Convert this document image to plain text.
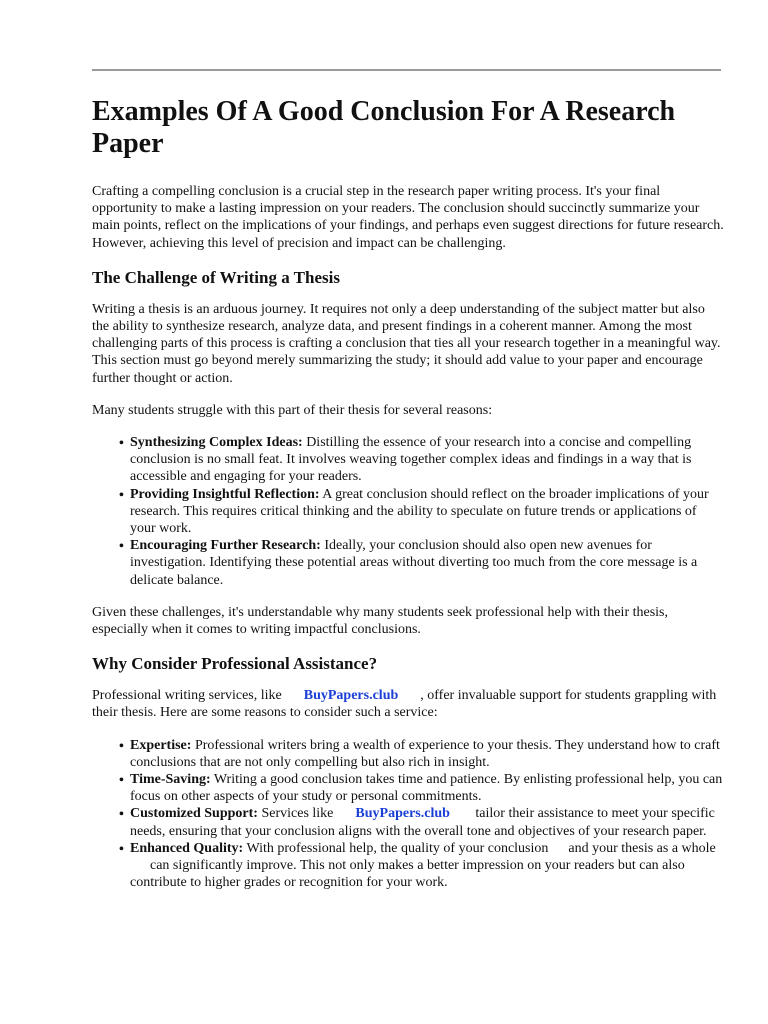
Examples Of A Good Conclusion For A Research Paper

Crafting a compelling conclusion is a crucial step in the research paper writing process. It's your final opportunity to make a lasting impression on your readers. The conclusion should succinctly summarize your main points, reflect on the implications of your findings, and perhaps even suggest directions for future research. However, achieving this level of precision and impact can be challenging.

The Challenge of Writing a Thesis

Writing a thesis is an arduous journey. It requires not only a deep understanding of the subject matter but also the ability to synthesize research, analyze data, and present findings in a coherent manner. Among the most challenging parts of this process is crafting a conclusion that ties all your research together in a meaningful way. This section must go beyond merely summarizing the study; it should add value to your paper and encourage further thought or action.

Many students struggle with this part of their thesis for several reasons:

• Synthesizing Complex Ideas: Distilling the essence of your research into a concise and compelling conclusion is no small feat. It involves weaving together complex ideas and findings in a way that is accessible and engaging for your readers.
• Providing Insightful Reflection: A great conclusion should reflect on the broader implications of your research. This requires critical thinking and the ability to speculate on future trends or applications of your work.
• Encouraging Further Research: Ideally, your conclusion should also open new avenues for investigation. Identifying these potential areas without diverting too much from the core message is a delicate balance.

Given these challenges, it's understandable why many students seek professional help with their thesis, especially when it comes to writing impactful conclusions.

Why Consider Professional Assistance?

Professional writing services, like BuyPapers.club , offer invaluable support for students grappling with their thesis. Here are some reasons to consider such a service:

• Expertise: Professional writers bring a wealth of experience to your thesis. They understand how to craft conclusions that are not only compelling but also rich in insight.
• Time-Saving: Writing a good conclusion takes time and patience. By enlisting professional help, you can focus on other aspects of your study or personal commitments.
• Customized Support: Services like BuyPapers.club tailor their assistance to meet your specific needs, ensuring that your conclusion aligns with the overall tone and objectives of your research paper.
• Enhanced Quality: With professional help, the quality of your conclusion and your thesis as a wholecan significantly improve. This not only makes a better impression on your readers but can also contribute to higher grades or recognition for your work.
